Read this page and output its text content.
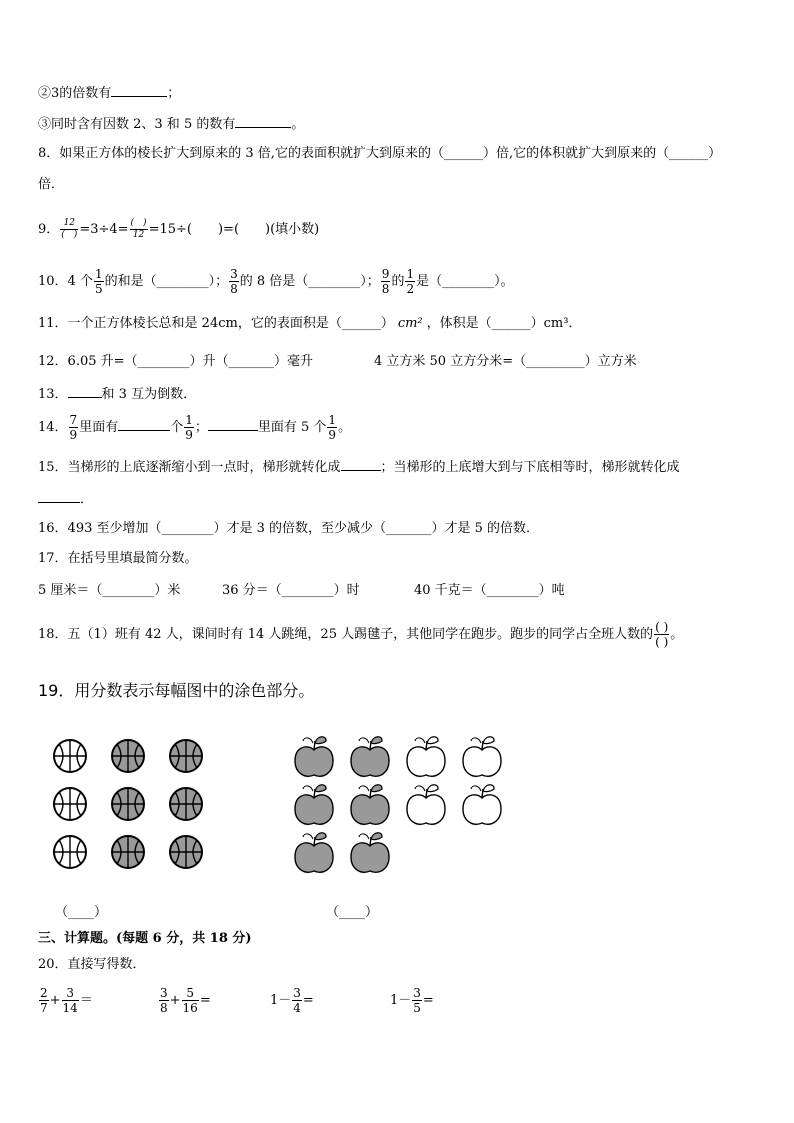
②3的倍数有	；
③同时含有因数 2、3 和 5 的数有	。
8．如果正方体的棱长扩大到原来的 3 倍,它的表面积就扩大到原来的（______）倍,它的体积就扩大到原来的（______）
倍．
9． $\frac{12}{( )} =3\div 4= \frac{( )}{12} =15\div$(　　)=(　　)(填小数)
10．4 个 $\frac{1}{5}$ 的和是（________）； $\frac{3}{8}$ 的 8 倍是（________）； $\frac{9}{8}$ 的 $\frac{1}{2}$ 是（________）。
11．一个正方体棱长总和是 24cm，它的表面积是（______） cm² ，体积是（______）cm³．
12．6.05 升=（________）升（_______）毫升	4 立方米 50 立方分米=（_________）立方米
13．	和 3 互为倒数．
14． $\frac{7}{9}$ 里面有	个 $\frac{1}{9}$ ；	里面有 5 个 $\frac{1}{9}$ 。
15．当梯形的上底逐渐缩小到一点时，梯形就转化成	；当梯形的上底增大到与下底相等时，梯形就转化成
．
16．493 至少增加（________）才是 3 的倍数，至少减少（_______）才是 5 的倍数．
17．在括号里填最简分数。
5 厘米＝（________）米	36 分＝（________）时	40 千克＝（________）吨
18．五（1）班有 42 人，课间时有 14 人跳绳，25 人踢毽子，其他同学在跑步。跑步的同学占全班人数的 $\frac{( )}{( )}$ 。
19．用分数表示每幅图中的涂色部分。
（____）	（____）
三、计算题。(每题 6 分，共 18 分)
20．直接写得数．
$\frac{2}{7} + \frac{3}{14}$ ＝	$\frac{3}{8} + \frac{5}{16}$ =	$1- \frac{3}{4}$ =	$1- \frac{3}{5}$ =
